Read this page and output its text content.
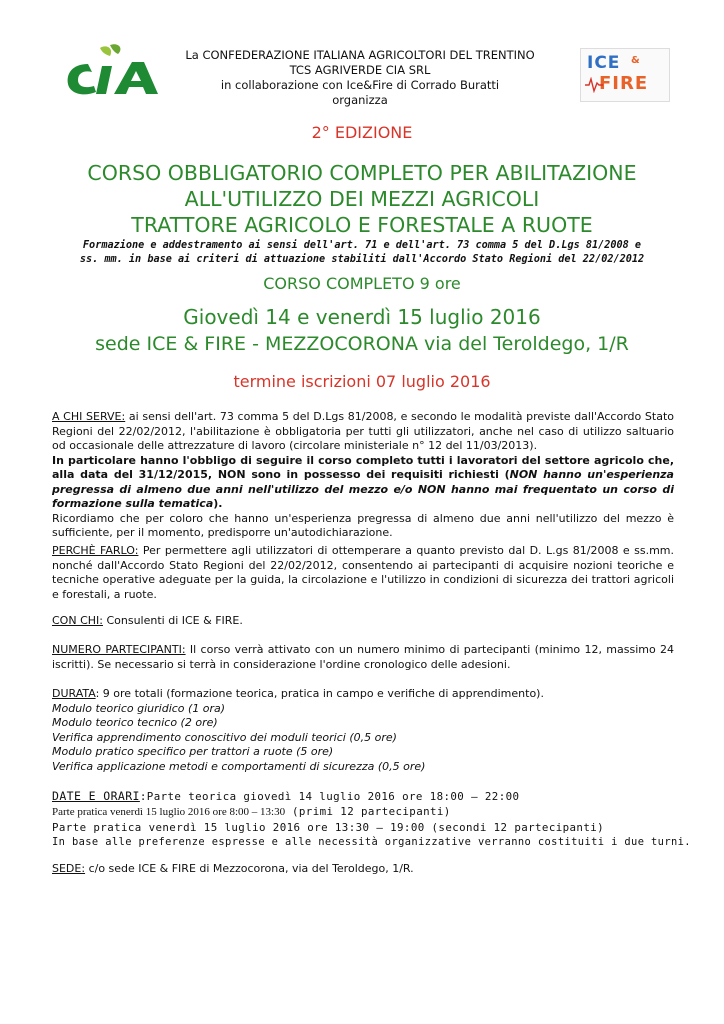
ICE &
FIRE
La CONFEDERAZIONE ITALIANA AGRICOLTORI DEL TRENTINO
TCS AGRIVERDE CIA SRL
in collaborazione con Ice&Fire di Corrado Buratti
organizza
2° EDIZIONE
CORSO OBBLIGATORIO COMPLETO PER ABILITAZIONE
ALL'UTILIZZO DEI MEZZI AGRICOLI
TRATTORE AGRICOLO E FORESTALE A RUOTE
Formazione e addestramento ai sensi dell'art. 71 e dell'art. 73 comma 5 del D.Lgs 81/2008 e
ss. mm. in base ai criteri di attuazione stabiliti dall'Accordo Stato Regioni del 22/02/2012
CORSO COMPLETO 9 ore
Giovedì 14 e venerdì 15 luglio 2016
sede ICE & FIRE - MEZZOCORONA via del Teroldego, 1/R
termine iscrizioni 07 luglio 2016
A CHI SERVE: ai sensi dell'art. 73 comma 5 del D.Lgs 81/2008, e secondo le modalità previste dall'Accordo Stato Regioni del 22/02/2012, l'abilitazione è obbligatoria per tutti gli utilizzatori, anche nel caso di utilizzo saltuario od occasionale delle attrezzature di lavoro (circolare ministeriale n° 12 del 11/03/2013).
In particolare hanno l'obbligo di seguire il corso completo tutti i lavoratori del settore agricolo che, alla data del 31/12/2015, NON sono in possesso dei requisiti richiesti (NON hanno un'esperienza pregressa di almeno due anni nell'utilizzo del mezzo e/o NON hanno mai frequentato un corso di formazione sulla tematica).
Ricordiamo che per coloro che hanno un'esperienza pregressa di almeno due anni nell'utilizzo del mezzo è sufficiente, per il momento, predisporre un'autodichiarazione.
PERCHÈ FARLO: Per permettere agli utilizzatori di ottemperare a quanto previsto dal D. L.gs 81/2008 e ss.mm. nonché dall'Accordo Stato Regioni del 22/02/2012, consentendo ai partecipanti di acquisire nozioni teoriche e tecniche operative adeguate per la guida, la circolazione e l'utilizzo in condizioni di sicurezza dei trattori agricoli e forestali, a ruote.
CON CHI: Consulenti di ICE & FIRE.
NUMERO PARTECIPANTI: Il corso verrà attivato con un numero minimo di partecipanti (minimo 12, massimo 24 iscritti). Se necessario si terrà in considerazione l'ordine cronologico delle adesioni.
DURATA: 9 ore totali (formazione teorica, pratica in campo e verifiche di apprendimento).
Modulo teorico giuridico (1 ora)
Modulo teorico tecnico (2 ore)
Verifica apprendimento conoscitivo dei moduli teorici (0,5 ore)
Modulo pratico specifico per trattori a ruote (5 ore)
Verifica applicazione metodi e comportamenti di sicurezza (0,5 ore)
DATE E ORARI:Parte teorica giovedì 14 luglio 2016 ore 18:00 – 22:00
Parte pratica venerdì 15 luglio 2016 ore 8:00 – 13:30 (primi 12 partecipanti)
Parte pratica venerdì 15 luglio 2016 ore 13:30 – 19:00 (secondi 12 partecipanti)
In base alle preferenze espresse e alle necessità organizzative verranno costituiti i due turni.
SEDE: c/o sede ICE & FIRE di Mezzocorona, via del Teroldego, 1/R.
